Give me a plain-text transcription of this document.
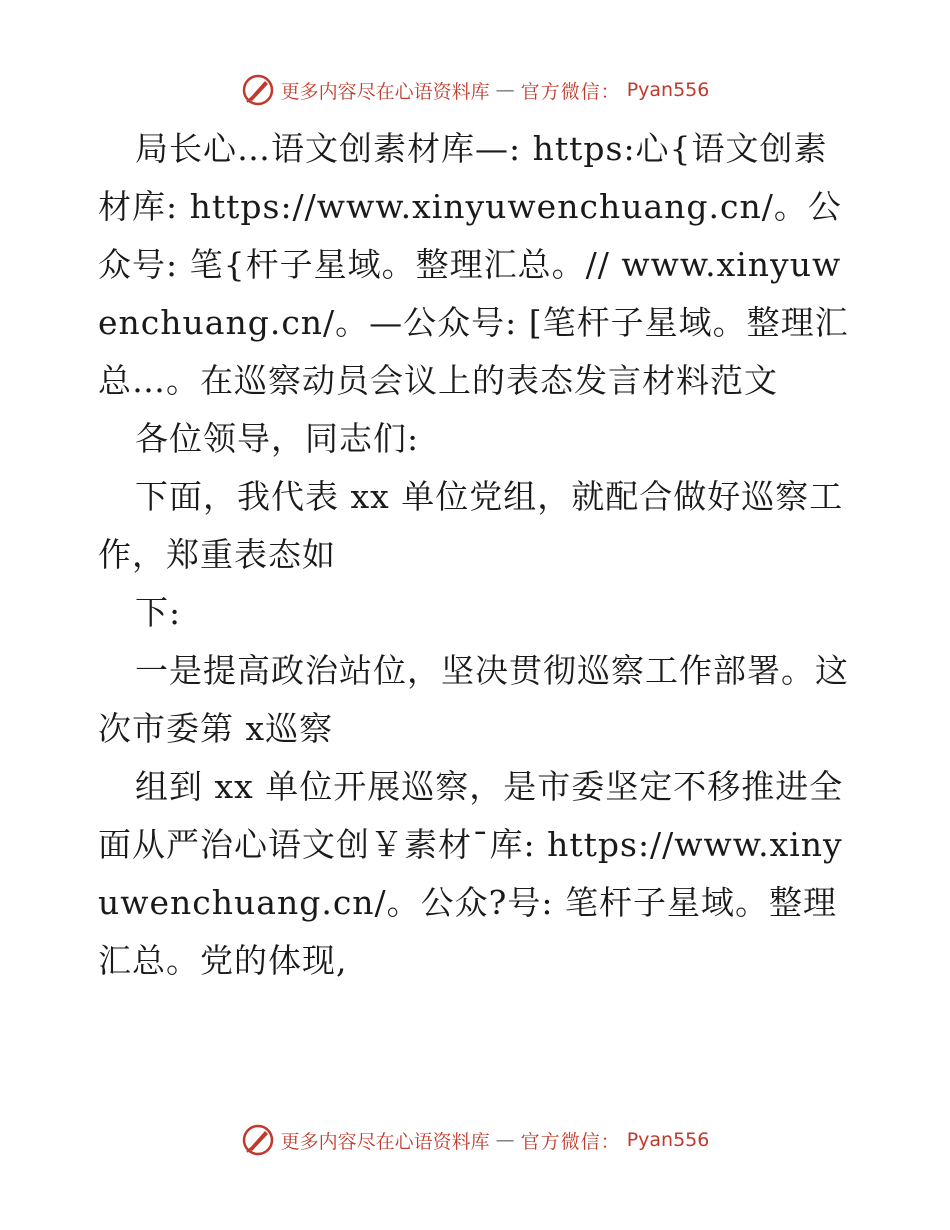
更多内容尽在心语资料库 — 官方微信： Pyan556

局长心…语文创素材库—: https:心{语文创素材库: https://www.xinyuwenchuang.cn/。公众号: 笔{杆子星域。整理汇总。// www.xinyuwenchuang.cn/。—公众号: [笔杆子星域。整理汇总…。在巡察动员会议上的表态发言材料范文

各位领导，同志们:

下面，我代表 xx 单位党组，就配合做好巡察工作，郑重表态如

下:

一是提高政治站位，坚决贯彻巡察工作部署。这次市委第 x巡察

组到 xx 单位开展巡察，是市委坚定不移推进全面从严治心语文创￥素材¯库: https://www.xinyuwenchuang.cn/。公众?号: 笔杆子星域。整理汇总。党的体现,

更多内容尽在心语资料库 — 官方微信： Pyan556
